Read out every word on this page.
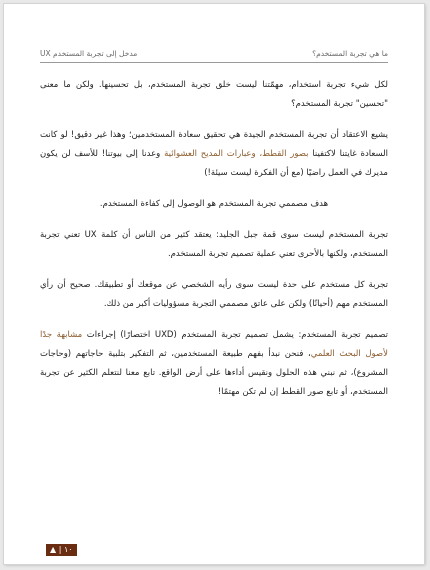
ما هي تجربة المستخدم؟
مدخل إلى تجربة المستخدم UX

لكل شيء تجربة استخدام، مهمّتنا ليست خلق تجربة المستخدم، بل تحسينها. ولكن ما معنى "تحسين" تجربة المستخدم؟

يشيع الاعتقاد أن تجربة المستخدم الجيدة هي تحقيق سعادة المستخدمين؛ وهذا غير دقيق! لو كانت السعادة غايتنا لاكتفينا بصور القطط، وعبارات المديح العشوائية وعدنا إلى بيوتنا! للأسف لن يكون مديرك في العمل راضيًا (مع أن الفكرة ليست سيئة!)

هدف مصممي تجربة المستخدم هو الوصول إلى كفاءة المستخدم.

تجربة المستخدم ليست سوى قمة جبل الجليد: يعتقد كثير من الناس أن كلمة UX تعني تجربة المستخدم، ولكنها بالأحرى تعني عملية تصميم تجربة المستخدم.

تجربة كل مستخدم على حدة ليست سوى رأيه الشخصي عن موقعك أو تطبيقك. صحيح أن رأي المستخدم مهم (أحيانًا) ولكن على عاتق مصممي التجربة مسؤوليات أكبر من ذلك.

تصميم تجربة المستخدم: يشمل تصميم تجربة المستخدم (UXD اختصارًا) إجراءات مشابهة جدًا لأصول البحث العلمي، فنحن نبدأ بفهم طبيعة المستخدمين، ثم التفكير بتلبية حاجاتهم (وحاجات المشروع)، ثم نبني هذه الحلول ونقيس أداءها على أرض الواقع. تابع معنا لنتعلم الكثير عن تجربة المستخدم، أو تابع صور القطط إن لم تكن مهتمًا!

١٠ | ▲
